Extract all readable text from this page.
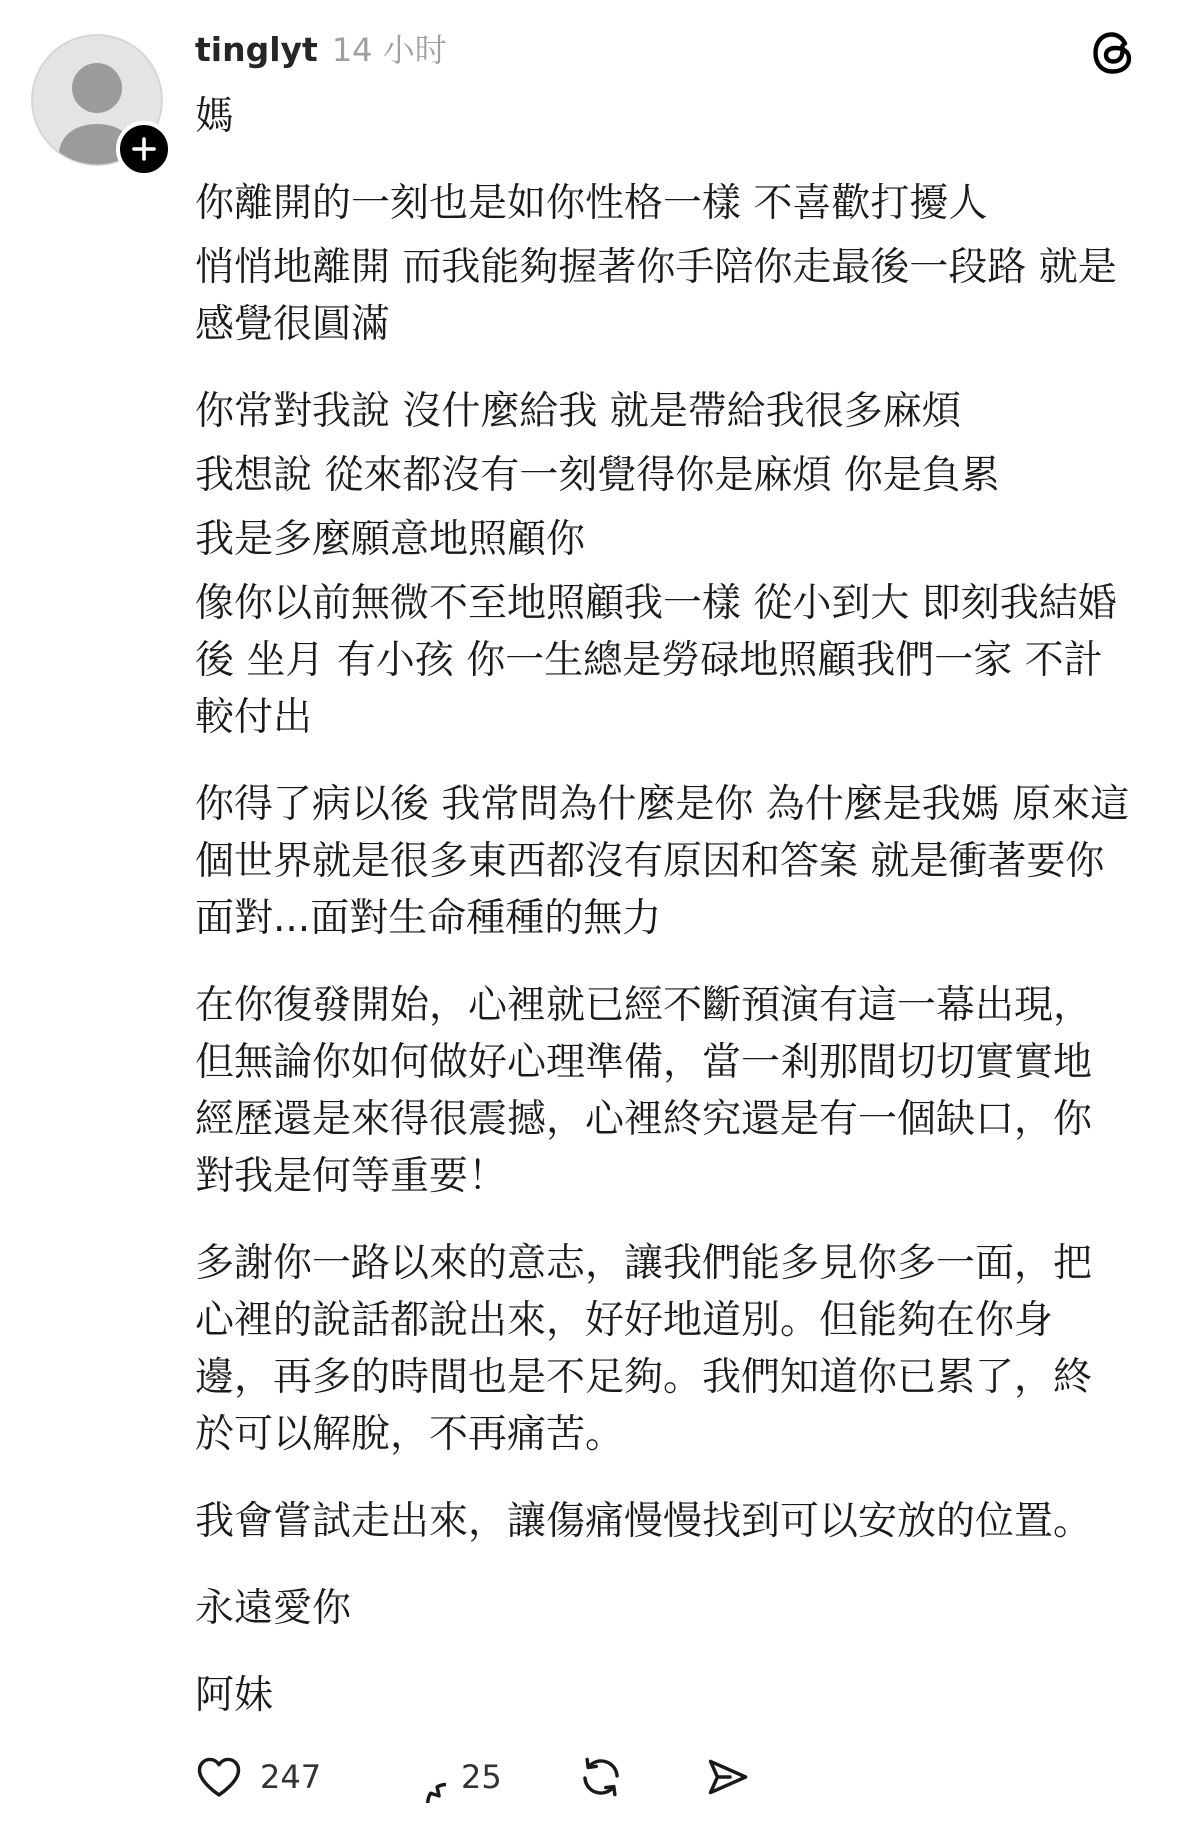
tinglyt 14 小时
媽
你離開的一刻也是如你性格一樣 不喜歡打擾人
悄悄地離開 而我能夠握著你手陪你走最後一段路 就是
感覺很圓滿
你常對我說 沒什麼給我 就是帶給我很多麻煩
我想說 從來都沒有一刻覺得你是麻煩 你是負累
我是多麼願意地照顧你
像你以前無微不至地照顧我一樣 從小到大 即刻我結婚
後 坐月 有小孩 你一生總是勞碌地照顧我們一家 不計
較付出
你得了病以後 我常問為什麼是你 為什麼是我媽 原來這
個世界就是很多東西都沒有原因和答案 就是衝著要你
面對...面對生命種種的無力
在你復發開始，心裡就已經不斷預演有這一幕出現，
但無論你如何做好心理準備，當一剎那間切切實實地
經歷還是來得很震撼，心裡終究還是有一個缺口，你
對我是何等重要！
多謝你一路以來的意志，讓我們能多見你多一面，把
心裡的說話都說出來，好好地道別。但能夠在你身
邊，再多的時間也是不足夠。我們知道你已累了，終
於可以解脫，不再痛苦。
我會嘗試走出來，讓傷痛慢慢找到可以安放的位置。
永遠愛你
阿妹
247	25
